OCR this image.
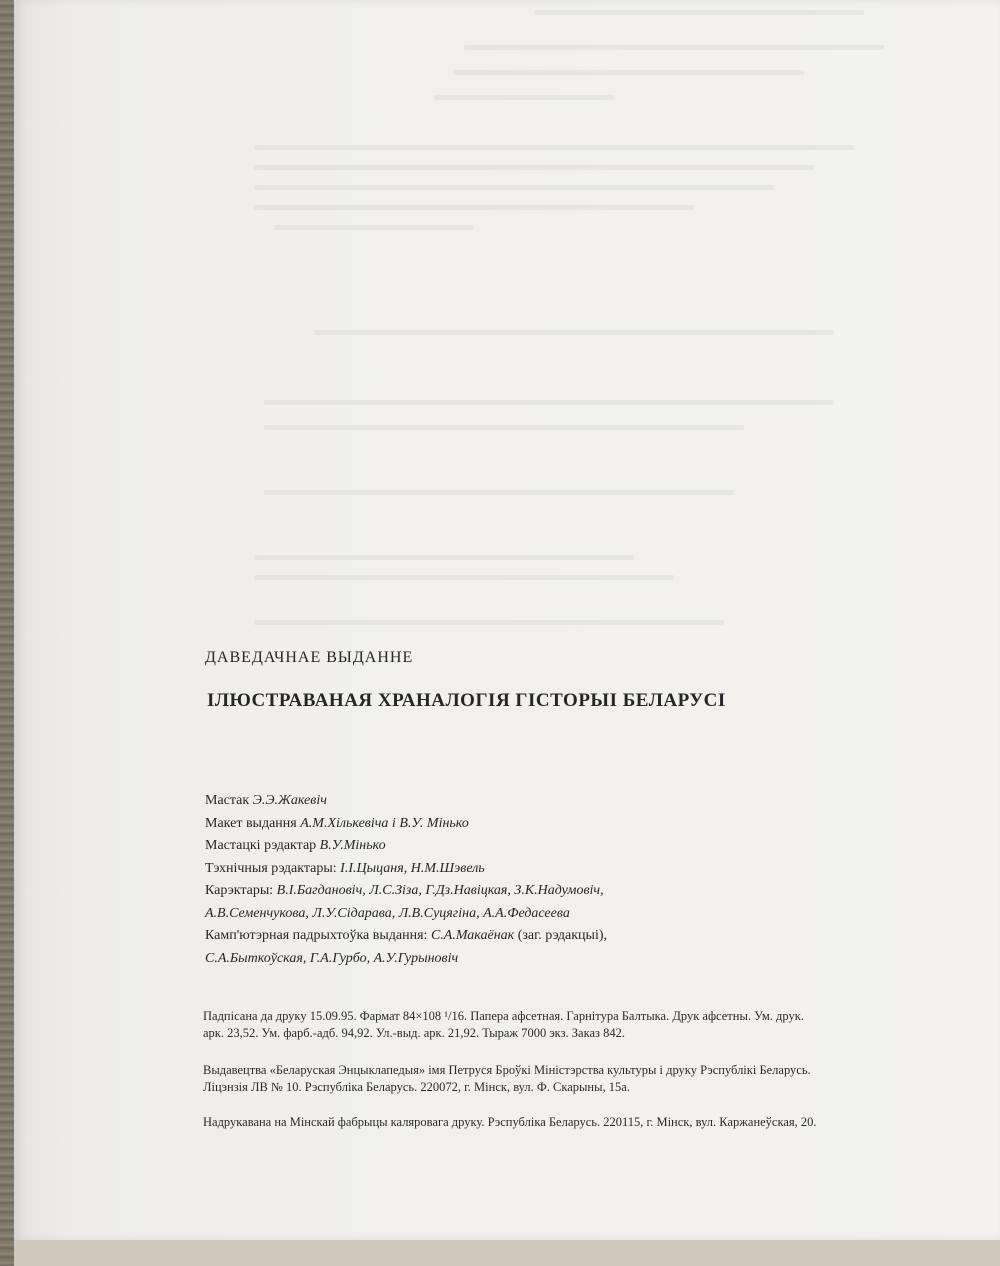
ДАВЕДАЧНАЕ ВЫДАННЕ
ІЛЮСТРАВАНАЯ ХРАНАЛОГІЯ ГІСТОРЫІ БЕЛАРУСІ
Мастак Э.Э.Жакевіч
Макет выдання А.М.Хількевіча і В.У. Мінько
Мастацкі рэдактар В.У.Мінько
Тэхнічныя рэдактары: І.І.Цыцаня, Н.М.Шэвель
Карэктары: В.І.Багдановіч, Л.С.Зіза, Г.Дз.Навіцкая, З.К.Надумовіч,
А.В.Семенчукова, Л.У.Сідарава, Л.В.Суцягіна, А.А.Федасеева
Камп'ютэрная падрыхтоўка выдання: С.А.Макаёнак (заг. рэдакцыі),
С.А.Быткоўская, Г.А.Гурбо, А.У.Гурыновіч
Падпісана да друку 15.09.95. Фармат 84×108 ¹/16. Папера афсетная. Гарнітура Балтыка. Друк афсетны. Ум. друк.
арк. 23,52. Ум. фарб.-адб. 94,92. Ул.-выд. арк. 21,92. Тыраж 7000 экз. Заказ 842.
Выдавецтва «Беларуская Энцыклапедыя» імя Петруся Броўкі Міністэрства культуры і друку Рэспублікі Беларусь.
Ліцэнзія ЛВ № 10. Рэспубліка Беларусь. 220072, г. Мінск, вул. Ф. Скарыны, 15а.
Надрукавана на Мінскай фабрыцы каляровага друку. Рэспубліка Беларусь. 220115, г. Мінск, вул. Каржанеўская, 20.
